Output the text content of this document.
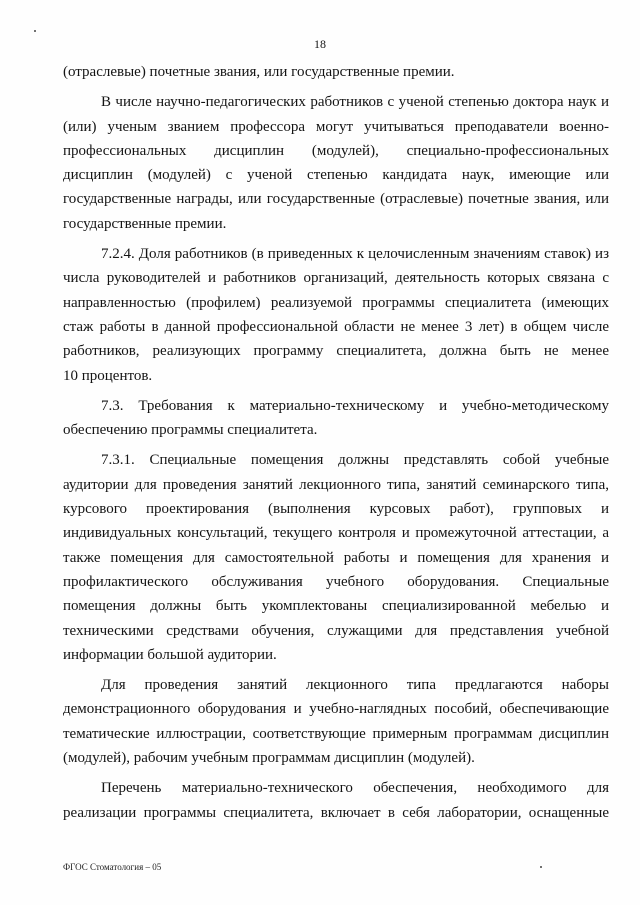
18
(отраслевые) почетные звания, или государственные премии.
В числе научно-педагогических работников с ученой степенью доктора наук и
(или) ученым званием профессора могут учитываться преподаватели военно-
профессиональных дисциплин (модулей), специально-профессиональных
дисциплин (модулей) с ученой степенью кандидата наук, имеющие или
государственные награды, или государственные (отраслевые) почетные звания, или
государственные премии.
7.2.4. Доля работников (в приведенных к целочисленным значениям ставок) из
числа руководителей и работников организаций, деятельность которых связана с
направленностью (профилем) реализуемой программы специалитета (имеющих
стаж работы в данной профессиональной области не менее 3 лет) в общем числе
работников, реализующих программу специалитета, должна быть не менее
10 процентов.
7.3. Требования к материально-техническому и учебно-методическому
обеспечению программы специалитета.
7.3.1. Специальные помещения должны представлять собой учебные
аудитории для проведения занятий лекционного типа, занятий семинарского типа,
курсового проектирования (выполнения курсовых работ), групповых и
индивидуальных консультаций, текущего контроля и промежуточной аттестации, а
также помещения для самостоятельной работы и помещения для хранения и
профилактического обслуживания учебного оборудования. Специальные
помещения должны быть укомплектованы специализированной мебелью и
техническими средствами обучения, служащими для представления учебной
информации большой аудитории.
Для проведения занятий лекционного типа предлагаются наборы
демонстрационного оборудования и учебно-наглядных пособий, обеспечивающие
тематические иллюстрации, соответствующие примерным программам дисциплин
(модулей), рабочим учебным программам дисциплин (модулей).
Перечень материально-технического обеспечения, необходимого для
реализации программы специалитета, включает в себя лаборатории, оснащенные
ФГОС Стоматология – 05
